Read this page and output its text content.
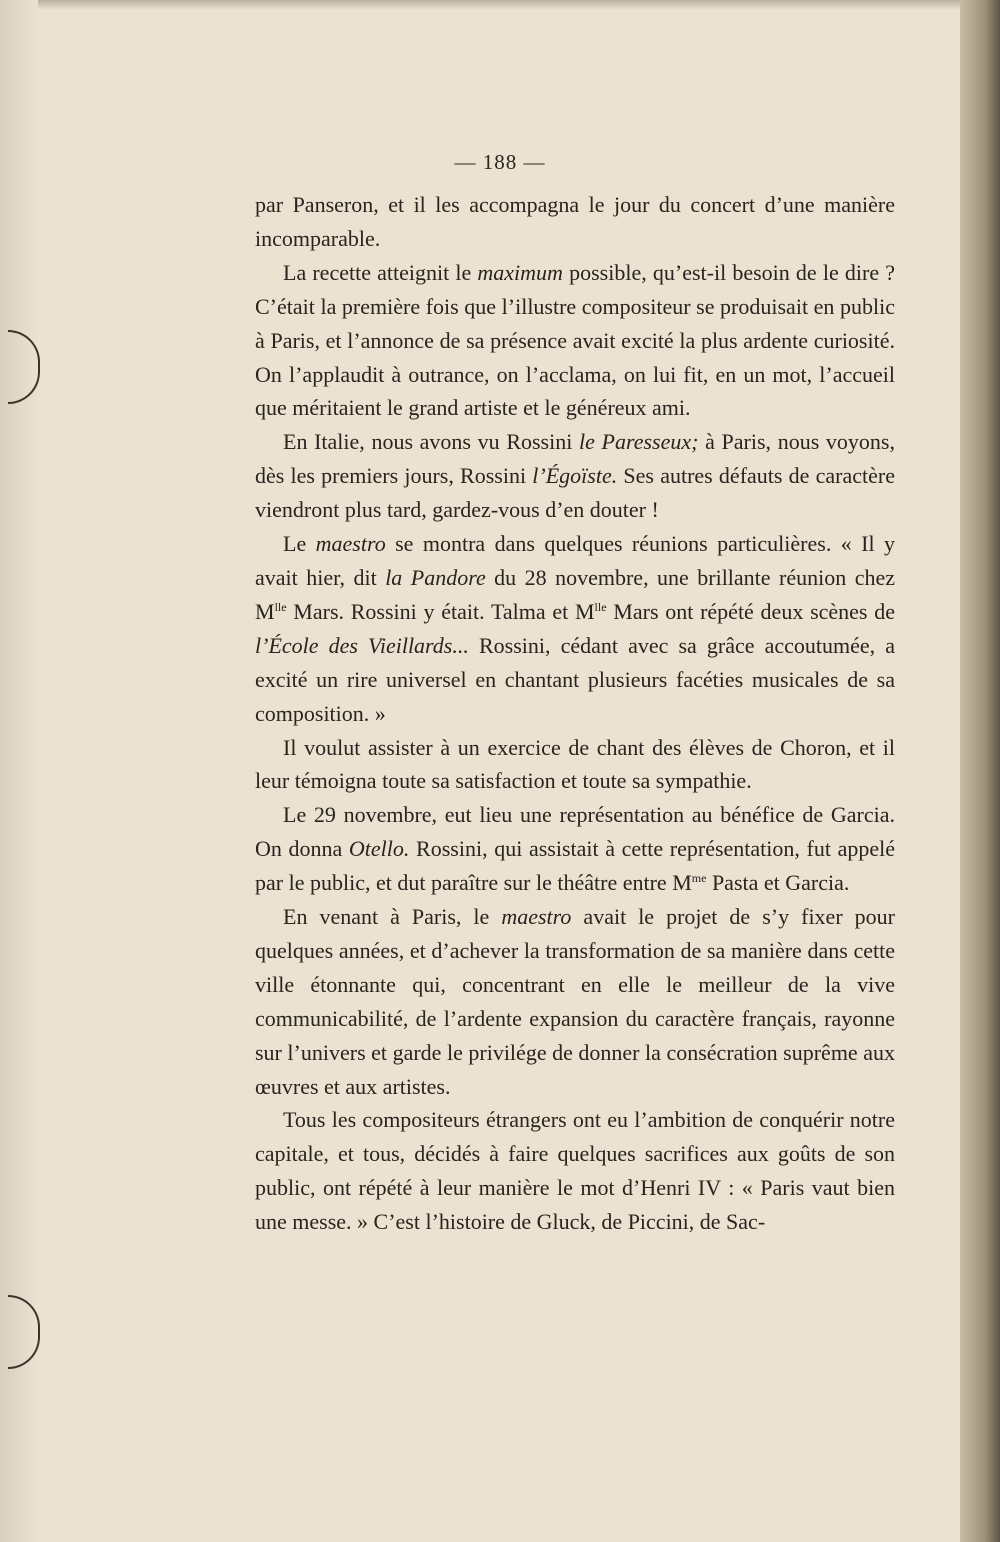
— 188 —

par Panseron, et il les accompagna le jour du concert d’une manière incomparable.

La recette atteignit le maximum possible, qu’est-il besoin de le dire ? C’était la première fois que l’illustre compositeur se produisait en public à Paris, et l’annonce de sa présence avait excité la plus ardente curiosité. On l’applaudit à outrance, on l’acclama, on lui fit, en un mot, l’accueil que méritaient le grand artiste et le généreux ami.

En Italie, nous avons vu Rossini le Paresseux; à Paris, nous voyons, dès les premiers jours, Rossini l’Égoïste. Ses autres défauts de caractère viendront plus tard, gardez-vous d’en douter !

Le maestro se montra dans quelques réunions particulières. « Il y avait hier, dit la Pandore du 28 novembre, une brillante réunion chez $M^{lle}$ Mars. Rossini y était. Talma et $M^{lle}$ Mars ont répété deux scènes de l’École des Vieillards... Rossini, cédant avec sa grâce accoutumée, a excité un rire universel en chantant plusieurs facéties musicales de sa composition. »

Il voulut assister à un exercice de chant des élèves de Choron, et il leur témoigna toute sa satisfaction et toute sa sympathie.

Le 29 novembre, eut lieu une représentation au bénéfice de Garcia. On donna Otello. Rossini, qui assistait à cette représentation, fut appelé par le public, et dut paraître sur le théâtre entre $M^{me}$ Pasta et Garcia.

En venant à Paris, le maestro avait le projet de s’y fixer pour quelques années, et d’achever la transformation de sa manière dans cette ville étonnante qui, concentrant en elle le meilleur de la vive communicabilité, de l’ardente expansion du caractère français, rayonne sur l’univers et garde le privilége de donner la consécration suprême aux œuvres et aux artistes.

Tous les compositeurs étrangers ont eu l’ambition de conquérir notre capitale, et tous, décidés à faire quelques sacrifices aux goûts de son public, ont répété à leur manière le mot d’Henri IV : « Paris vaut bien une messe. » C’est l’histoire de Gluck, de Piccini, de Sac-
